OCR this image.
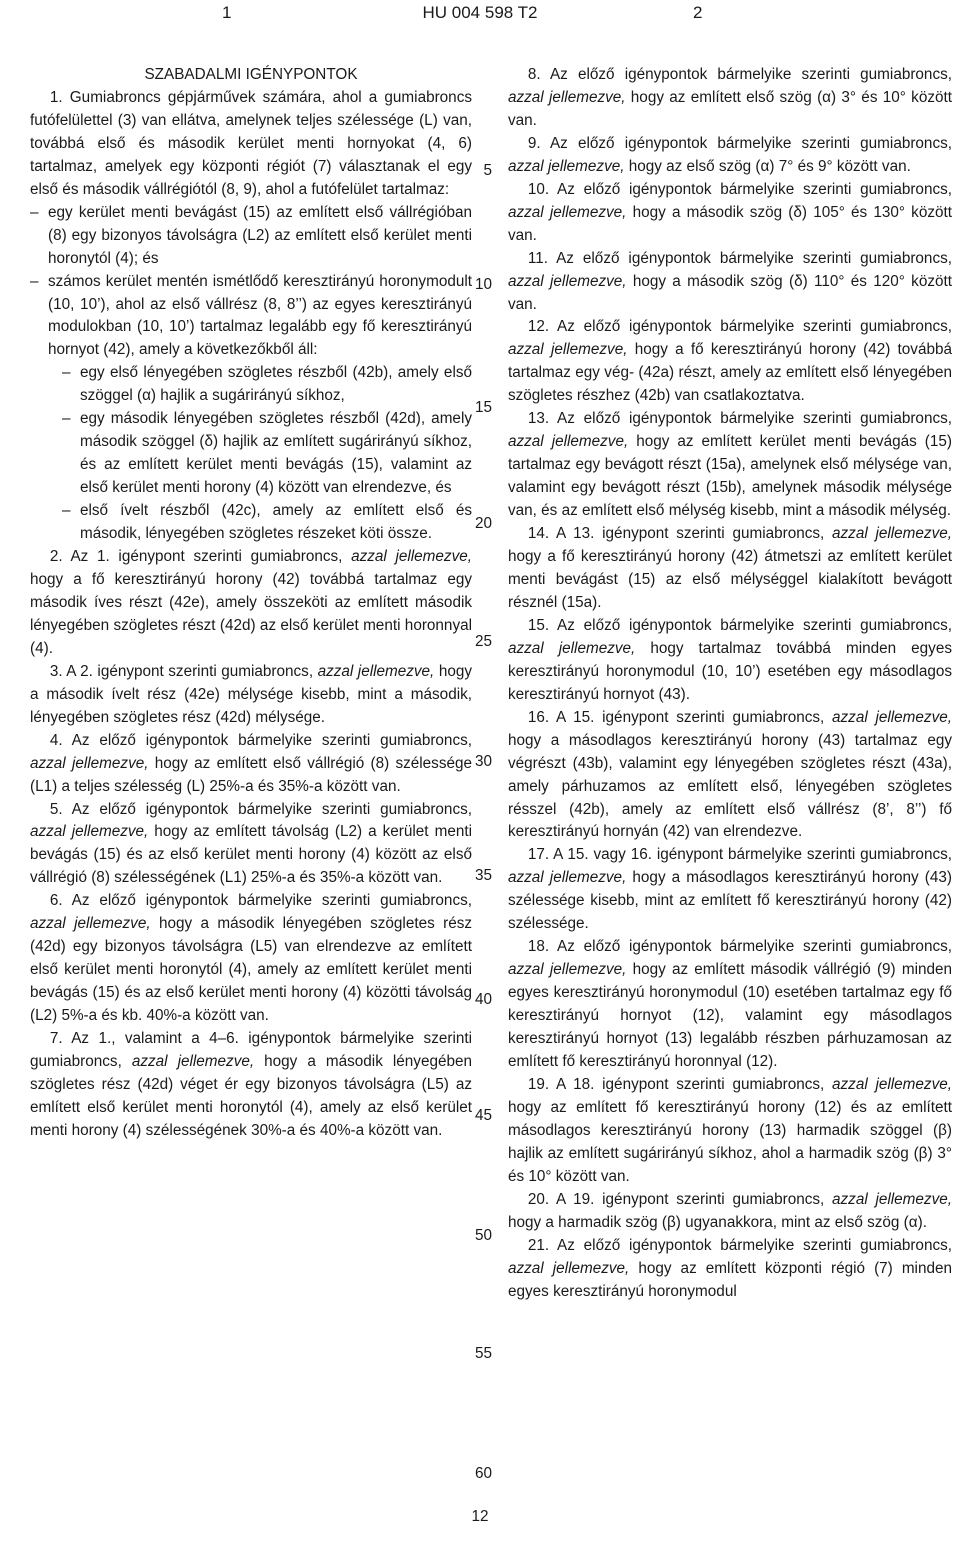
1	HU 004 598 T2	2

SZABADALMI IGÉNYPONTOK

1. Gumiabroncs gépjárművek számára, ahol a gumiabroncs futófelülettel (3) van ellátva, amelynek teljes szélessége (L) van, továbbá első és második kerület menti hornyokat (4, 6) tartalmaz, amelyek egy központi régiót (7) választanak el egy első és második vállrégiótól (8, 9), ahol a futófelület tartalmaz:

– egy kerület menti bevágást (15) az említett első vállrégióban (8) egy bizonyos távolságra (L2) az említett első kerület menti horonytól (4); és

– számos kerület mentén ismétlődő keresztirányú horonymodult (10, 10’), ahol az első vállrész (8, 8’’) az egyes keresztirányú modulokban (10, 10’) tartalmaz legalább egy fő keresztirányú hornyot (42), amely a következőkből áll:

– egy első lényegében szögletes részből (42b), amely első szöggel (α) hajlik a sugárirányú síkhoz,

– egy második lényegében szögletes részből (42d), amely második szöggel (δ) hajlik az említett sugárirányú síkhoz, és az említett kerület menti bevágás (15), valamint az első kerület menti horony (4) között van elrendezve, és

– első ívelt részből (42c), amely az említett első és második, lényegében szögletes részeket köti össze.

2. Az 1. igénypont szerinti gumiabroncs, azzal jellemezve, hogy a fő keresztirányú horony (42) továbbá tartalmaz egy második íves részt (42e), amely összeköti az említett második lényegében szögletes részt (42d) az első kerület menti horonnyal (4).

3. A 2. igénypont szerinti gumiabroncs, azzal jellemezve, hogy a második ívelt rész (42e) mélysége kisebb, mint a második, lényegében szögletes rész (42d) mélysége.

4. Az előző igénypontok bármelyike szerinti gumiabroncs, azzal jellemezve, hogy az említett első vállrégió (8) szélessége (L1) a teljes szélesség (L) 25%-a és 35%-a között van.

5. Az előző igénypontok bármelyike szerinti gumiabroncs, azzal jellemezve, hogy az említett távolság (L2) a kerület menti bevágás (15) és az első kerület menti horony (4) között az első vállrégió (8) szélességének (L1) 25%-a és 35%-a között van.

6. Az előző igénypontok bármelyike szerinti gumiabroncs, azzal jellemezve, hogy a második lényegében szögletes rész (42d) egy bizonyos távolságra (L5) van elrendezve az említett első kerület menti horonytól (4), amely az említett kerület menti bevágás (15) és az első kerület menti horony (4) közötti távolság (L2) 5%-a és kb. 40%-a között van.

7. Az 1., valamint a 4–6. igénypontok bármelyike szerinti gumiabroncs, azzal jellemezve, hogy a második lényegében szögletes rész (42d) véget ér egy bizonyos távolságra (L5) az említett első kerület menti horonytól (4), amely az első kerület menti horony (4) szélességének 30%-a és 40%-a között van.

5
10
15
20
25
30
35
40
45
50
55
60

8. Az előző igénypontok bármelyike szerinti gumiabroncs, azzal jellemezve, hogy az említett első szög (α) 3° és 10° között van.

9. Az előző igénypontok bármelyike szerinti gumiabroncs, azzal jellemezve, hogy az első szög (α) 7° és 9° között van.

10. Az előző igénypontok bármelyike szerinti gumiabroncs, azzal jellemezve, hogy a második szög (δ) 105° és 130° között van.

11. Az előző igénypontok bármelyike szerinti gumiabroncs, azzal jellemezve, hogy a második szög (δ) 110° és 120° között van.

12. Az előző igénypontok bármelyike szerinti gumiabroncs, azzal jellemezve, hogy a fő keresztirányú horony (42) továbbá tartalmaz egy vég- (42a) részt, amely az említett első lényegében szögletes részhez (42b) van csatlakoztatva.

13. Az előző igénypontok bármelyike szerinti gumiabroncs, azzal jellemezve, hogy az említett kerület menti bevágás (15) tartalmaz egy bevágott részt (15a), amelynek első mélysége van, valamint egy bevágott részt (15b), amelynek második mélysége van, és az említett első mélység kisebb, mint a második mélység.

14. A 13. igénypont szerinti gumiabroncs, azzal jellemezve, hogy a fő keresztirányú horony (42) átmetszi az említett kerület menti bevágást (15) az első mélységgel kialakított bevágott résznél (15a).

15. Az előző igénypontok bármelyike szerinti gumiabroncs, azzal jellemezve, hogy tartalmaz továbbá minden egyes keresztirányú horonymodul (10, 10’) esetében egy másodlagos keresztirányú hornyot (43).

16. A 15. igénypont szerinti gumiabroncs, azzal jellemezve, hogy a másodlagos keresztirányú horony (43) tartalmaz egy végrészt (43b), valamint egy lényegében szögletes részt (43a), amely párhuzamos az említett első, lényegében szögletes résszel (42b), amely az említett első vállrész (8’, 8’’) fő keresztirányú hornyán (42) van elrendezve.

17. A 15. vagy 16. igénypont bármelyike szerinti gumiabroncs, azzal jellemezve, hogy a másodlagos keresztirányú horony (43) szélessége kisebb, mint az említett fő keresztirányú horony (42) szélessége.

18. Az előző igénypontok bármelyike szerinti gumiabroncs, azzal jellemezve, hogy az említett második vállrégió (9) minden egyes keresztirányú horonymodul (10) esetében tartalmaz egy fő keresztirányú hornyot (12), valamint egy másodlagos keresztirányú hornyot (13) legalább részben párhuzamosan az említett fő keresztirányú horonnyal (12).

19. A 18. igénypont szerinti gumiabroncs, azzal jellemezve, hogy az említett fő keresztirányú horony (12) és az említett másodlagos keresztirányú horony (13) harmadik szöggel (β) hajlik az említett sugárirányú síkhoz, ahol a harmadik szög (β) 3° és 10° között van.

20. A 19. igénypont szerinti gumiabroncs, azzal jellemezve, hogy a harmadik szög (β) ugyanakkora, mint az első szög (α).

21. Az előző igénypontok bármelyike szerinti gumiabroncs, azzal jellemezve, hogy az említett központi régió (7) minden egyes keresztirányú horonymodul

12
